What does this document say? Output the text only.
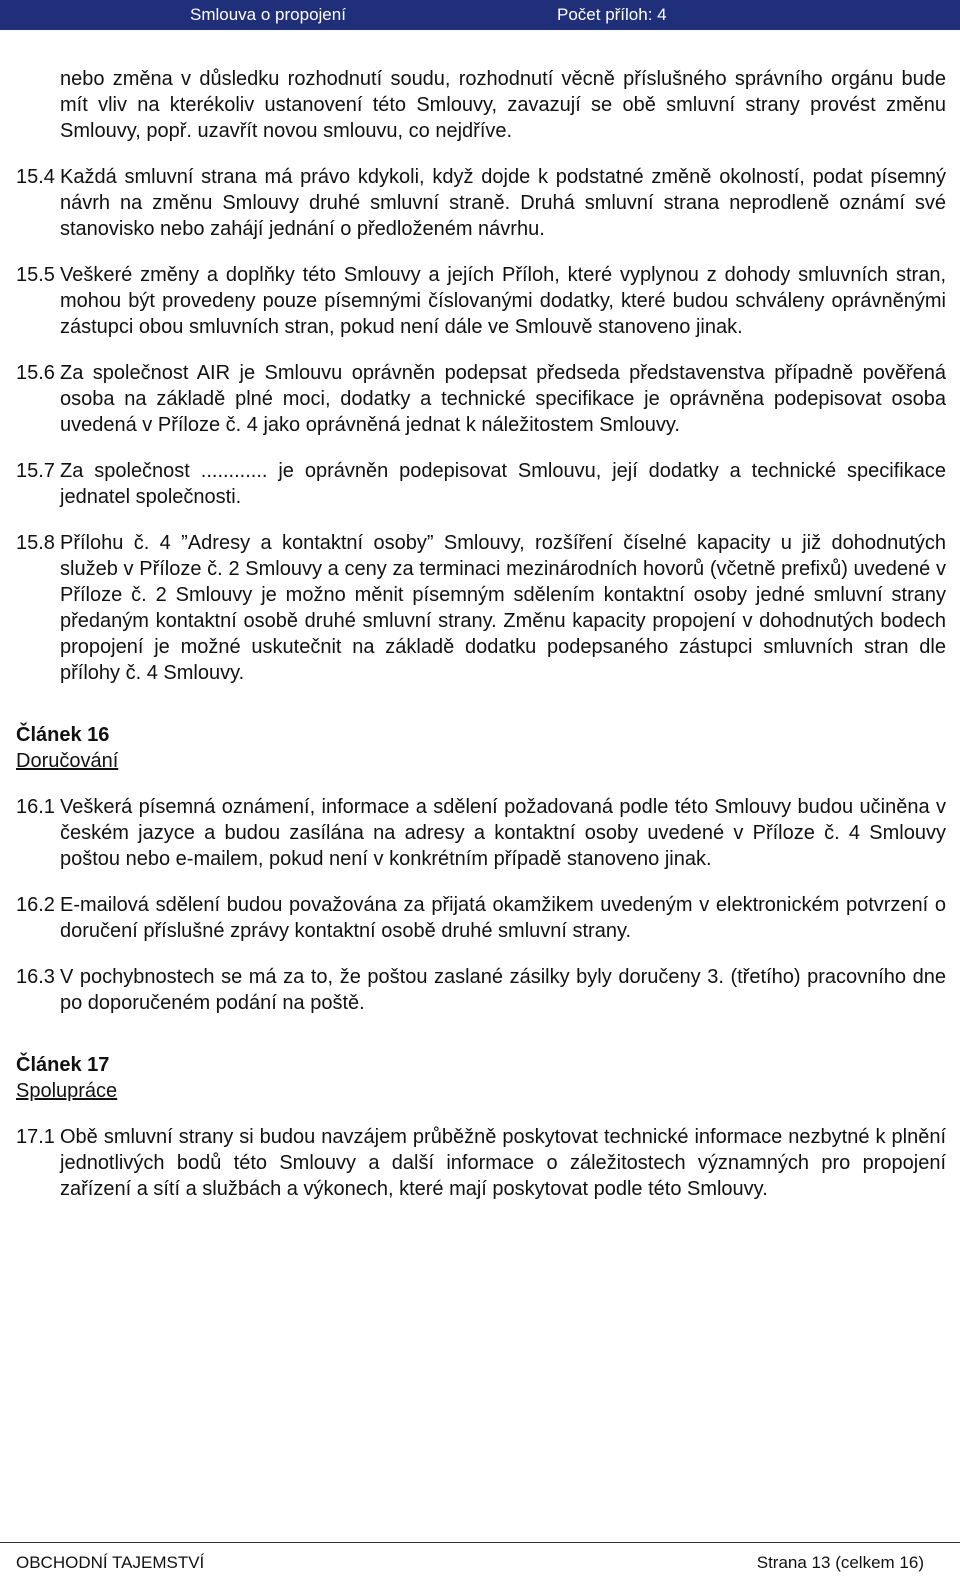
Smlouva o propojení	Počet příloh: 4
nebo změna v důsledku rozhodnutí soudu, rozhodnutí věcně příslušného správního orgánu bude mít vliv na kterékoliv ustanovení této Smlouvy, zavazují se obě smluvní strany provést změnu Smlouvy, popř. uzavřít novou smlouvu, co nejdříve.
15.4 Každá smluvní strana má právo kdykoli, když dojde k podstatné změně okolností, podat písemný návrh na změnu Smlouvy druhé smluvní straně. Druhá smluvní strana neprodleně oznámí své stanovisko nebo zahájí jednání o předloženém návrhu.
15.5 Veškeré změny a doplňky této Smlouvy a jejích Příloh, které vyplynou z dohody smluvních stran, mohou být provedeny pouze písemnými číslovanými dodatky, které budou schváleny oprávněnými zástupci obou smluvních stran, pokud není dále ve Smlouvě stanoveno jinak.
15.6 Za společnost AIR je Smlouvu oprávněn podepsat předseda představenstva případně pověřená osoba na základě plné moci, dodatky a technické specifikace je oprávněna podepisovat osoba uvedená v Příloze č. 4 jako oprávněná jednat k náležitostem Smlouvy.
15.7 Za společnost ............ je oprávněn podepisovat Smlouvu, její dodatky a technické specifikace jednatel společnosti.
15.8 Přílohu č. 4 ”Adresy a kontaktní osoby” Smlouvy, rozšíření číselné kapacity u již dohodnutých služeb v Příloze č. 2 Smlouvy a ceny za terminaci mezinárodních hovorů (včetně prefixů) uvedené v Příloze č. 2 Smlouvy je možno měnit písemným sdělením kontaktní osoby jedné smluvní strany předaným kontaktní osobě druhé smluvní strany. Změnu kapacity propojení v dohodnutých bodech propojení je možné uskutečnit na základě dodatku podepsaného zástupci smluvních stran dle přílohy č. 4 Smlouvy.
Článek 16
Doručování
16.1 Veškerá písemná oznámení, informace a sdělení požadovaná podle této Smlouvy budou učiněna v českém jazyce a budou zasílána na adresy a kontaktní osoby uvedené v Příloze č. 4 Smlouvy poštou nebo e-mailem, pokud není v konkrétním případě stanoveno jinak.
16.2 E-mailová sdělení budou považována za přijatá okamžikem uvedeným v elektronickém potvrzení o doručení příslušné zprávy kontaktní osobě druhé smluvní strany.
16.3 V pochybnostech se má za to, že poštou zaslané zásilky byly doručeny 3. (třetího) pracovního dne po doporučeném podání na poště.
Článek 17
Spolupráce
17.1 Obě smluvní strany si budou navzájem průběžně poskytovat technické informace nezbytné k plnění jednotlivých bodů této Smlouvy a další informace o záležitostech významných pro propojení zařízení a sítí a službách a výkonech, které mají poskytovat podle této Smlouvy.
OBCHODNÍ TAJEMSTVÍ	Strana 13 (celkem 16)
